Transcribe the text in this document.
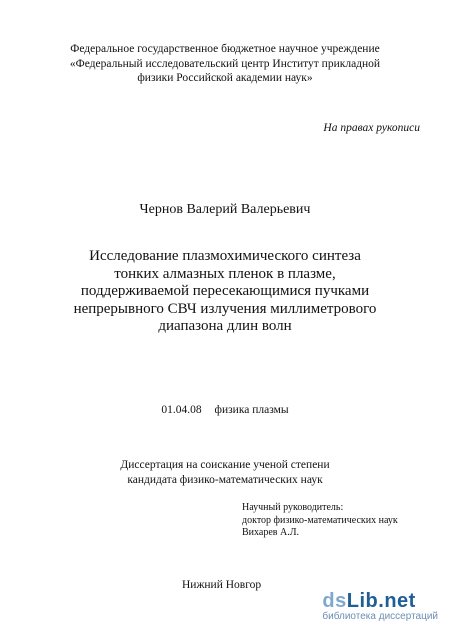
Федеральное государственное бюджетное научное учреждение
«Федеральный исследовательский центр Институт прикладной
физики Российской академии наук»
На правах рукописи
Чернов Валерий Валерьевич
Исследование плазмохимического синтеза
тонких алмазных пленок в плазме,
поддерживаемой пересекающимися пучками
непрерывного СВЧ излучения миллиметрового
диапазона длин волн
01.04.08 физика плазмы
Диссертация на соискание ученой степени
кандидата физико-математических наук
Научный руководитель:
доктор физико-математических наук
Вихарев А.Л.
Нижний Новгор
dsLib.net
библиотека диссертаций
